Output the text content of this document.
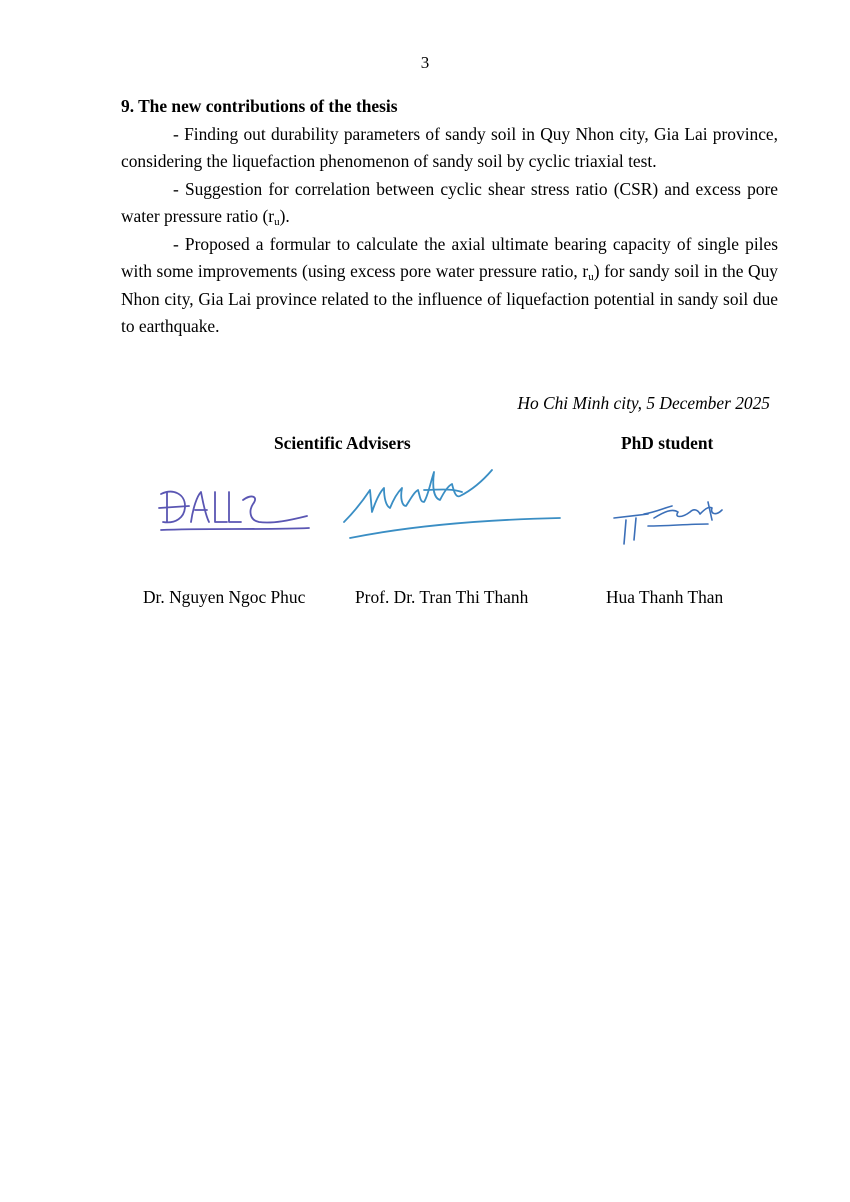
3

9. The new contributions of the thesis

- Finding out durability parameters of sandy soil in Quy Nhon city, Gia Lai province, considering the liquefaction phenomenon of sandy soil by cyclic triaxial test.

- Suggestion for correlation between cyclic shear stress ratio (CSR) and excess pore water pressure ratio $(r_u)$.

- Proposed a formular to calculate the axial ultimate bearing capacity of single piles with some improvements (using excess pore water pressure ratio, $r_u$) for sandy soil in the Quy Nhon city, Gia Lai province related to the influence of liquefaction potential in sandy soil due to earthquake.

Ho Chi Minh city, 5 December 2025
Scientific Advisers	PhD student
Dr. Nguyen Ngoc Phuc	Prof. Dr. Tran Thi Thanh	Hua Thanh Than
